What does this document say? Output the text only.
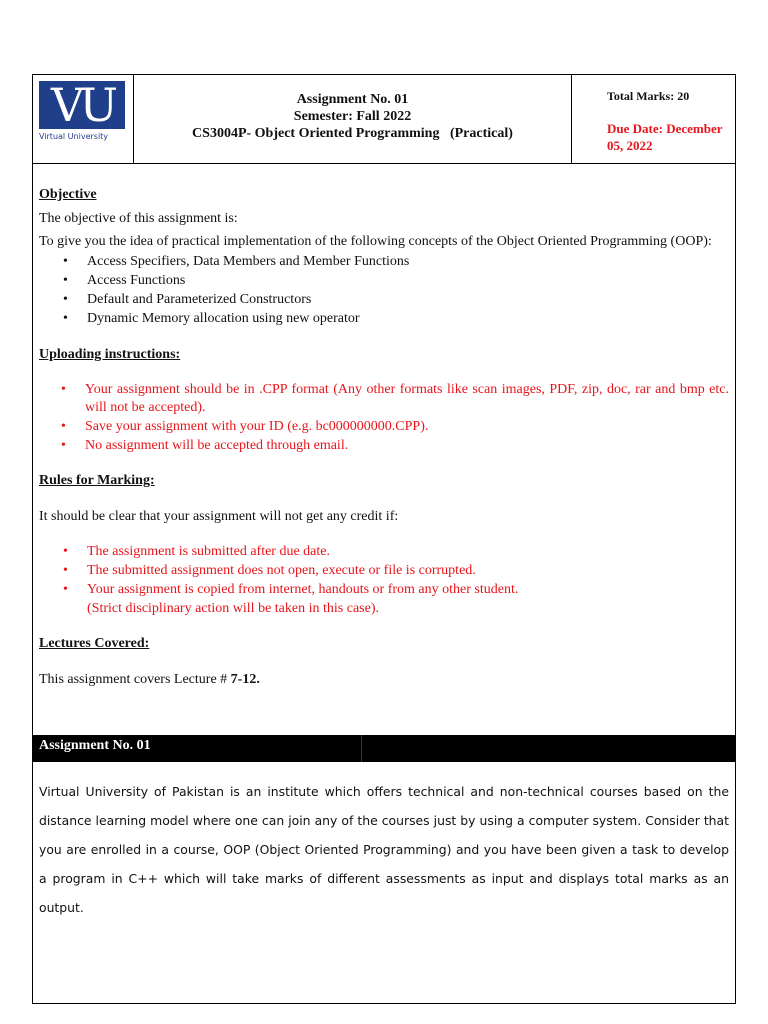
VU
Virtual University
Assignment No. 01
Semester: Fall 2022
CS3004P- Object Oriented Programming   (Practical)
Total Marks: 20
Due Date: December 05, 2022

Objective

The objective of this assignment is:

To give you the idea of practical implementation of the following concepts of the Object Oriented Programming (OOP):

• Access Specifiers, Data Members and Member Functions
• Access Functions
• Default and Parameterized Constructors
• Dynamic Memory allocation using new operator

Uploading instructions:

• Your assignment should be in .CPP format (Any other formats like scan images, PDF, zip, doc, rar and bmp etc. will not be accepted).
• Save your assignment with your ID (e.g. bc000000000.CPP).
• No assignment will be accepted through email.

Rules for Marking:

It should be clear that your assignment will not get any credit if:

• The assignment is submitted after due date.
• The submitted assignment does not open, execute or file is corrupted.
• Your assignment is copied from internet, handouts or from any other student.

(Strict disciplinary action will be taken in this case).

Lectures Covered:

This assignment covers Lecture # 7-12.

Assignment No. 01
Virtual University of Pakistan is an institute which offers technical and non-technical courses based on the distance learning model where one can join any of the courses just by using a computer system. Consider that you are enrolled in a course, OOP (Object Oriented Programming) and you have been given a task to develop a program in C++ which will take marks of different assessments as input and displays total marks as an output.
